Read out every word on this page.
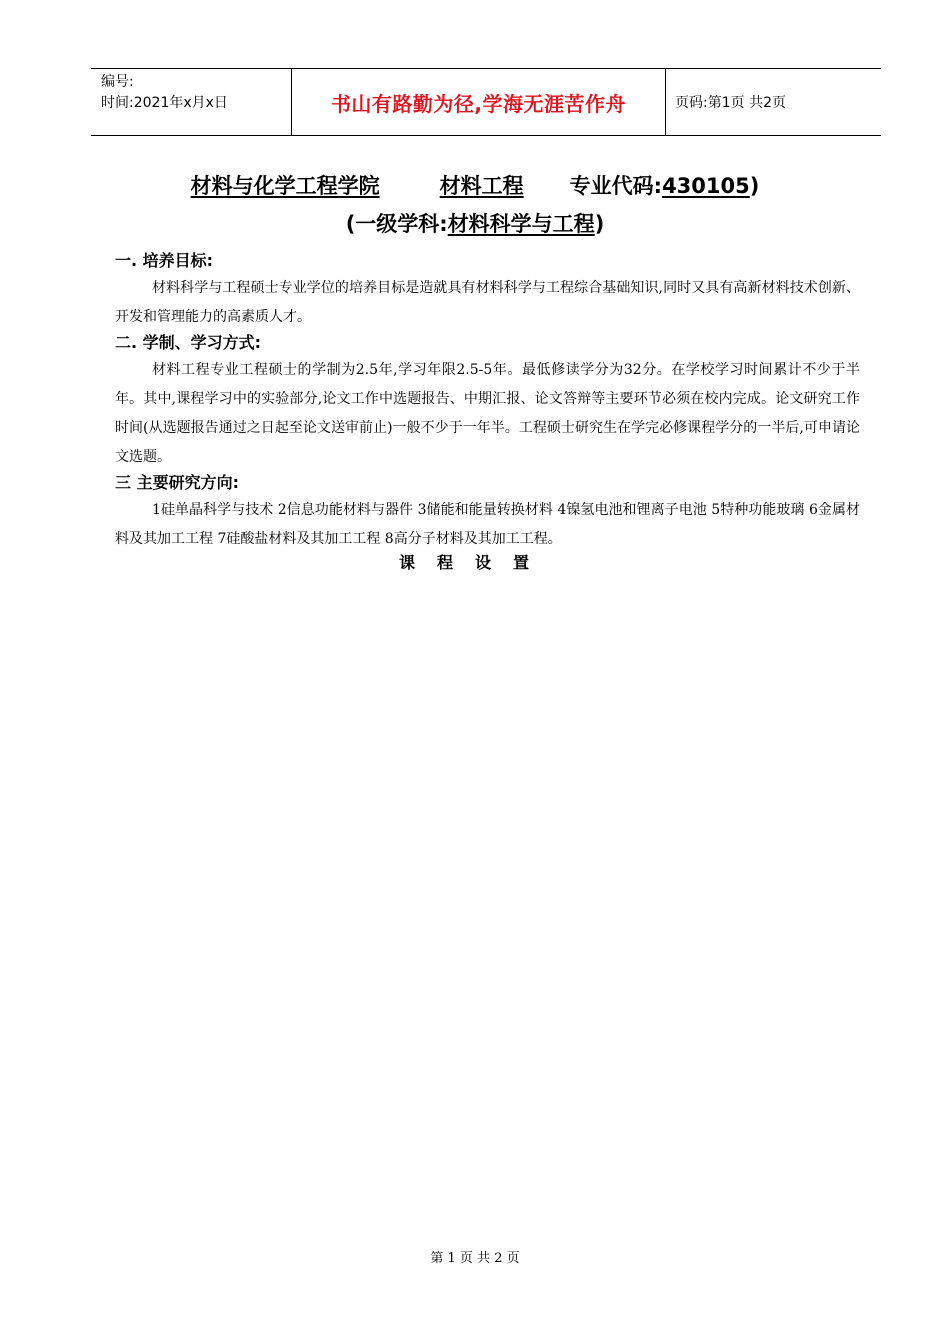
编号:
时间:2021年x月x日	书山有路勤为径,学海无涯苦作舟	页码:第1页 共2页
材料与化学工程学院	材料工程 专业代码:430105)
(一级学科:材料科学与工程)
一. 培养目标:
材料科学与工程硕士专业学位的培养目标是造就具有材料科学与工程综合基础知识,同时又具有高新材料技术创新、开发和管理能力的高素质人才。
二. 学制、学习方式:
材料工程专业工程硕士的学制为2.5年,学习年限2.5-5年。最低修读学分为32分。在学校学习时间累计不少于半年。其中,课程学习中的实验部分,论文工作中选题报告、中期汇报、论文答辩等主要环节必须在校内完成。论文研究工作时间(从选题报告通过之日起至论文送审前止)一般不少于一年半。工程硕士研究生在学完必修课程学分的一半后,可申请论文选题。
三 主要研究方向:
1硅单晶科学与技术 2信息功能材料与器件 3储能和能量转换材料 4镍氢电池和锂离子电池 5特种功能玻璃 6金属材料及其加工工程 7硅酸盐材料及其加工工程 8高分子材料及其加工工程。
课程设置
第 1 页 共 2 页
